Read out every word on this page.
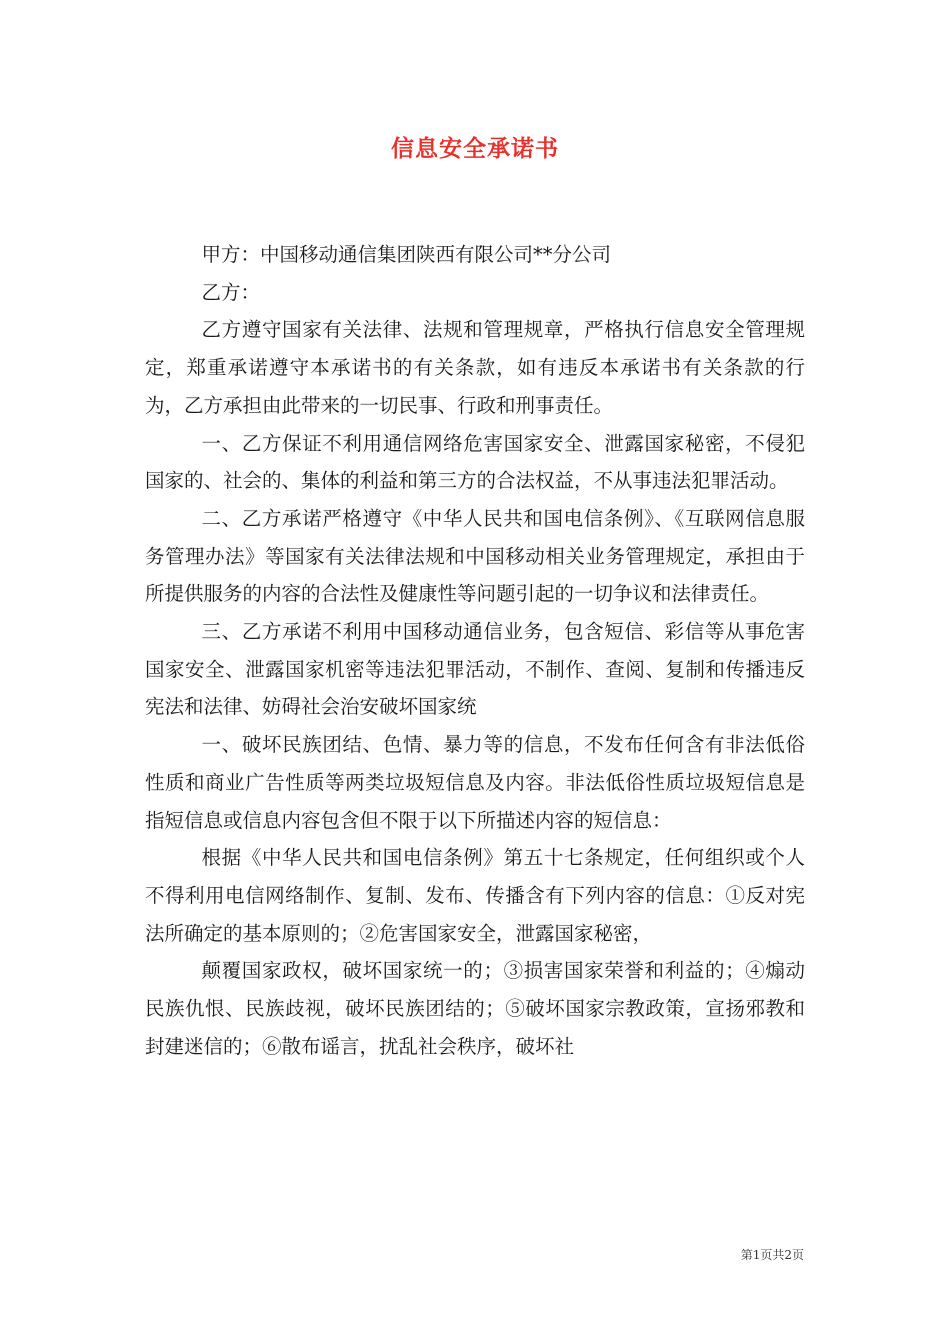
信息安全承诺书

甲方：中国移动通信集团陕西有限公司**分公司

乙方：

乙方遵守国家有关法律、法规和管理规章，严格执行信息安全管理规定，郑重承诺遵守本承诺书的有关条款，如有违反本承诺书有关条款的行为，乙方承担由此带来的一切民事、行政和刑事责任。

一、乙方保证不利用通信网络危害国家安全、泄露国家秘密，不侵犯国家的、社会的、集体的利益和第三方的合法权益，不从事违法犯罪活动。

二、乙方承诺严格遵守《中华人民共和国电信条例》、《互联网信息服务管理办法》等国家有关法律法规和中国移动相关业务管理规定，承担由于所提供服务的内容的合法性及健康性等问题引起的一切争议和法律责任。

三、乙方承诺不利用中国移动通信业务，包含短信、彩信等从事危害国家安全、泄露国家机密等违法犯罪活动，不制作、查阅、复制和传播违反宪法和法律、妨碍社会治安破坏国家统

一、破坏民族团结、色情、暴力等的信息，不发布任何含有非法低俗性质和商业广告性质等两类垃圾短信息及内容。非法低俗性质垃圾短信息是指短信息或信息内容包含但不限于以下所描述内容的短信息：

根据《中华人民共和国电信条例》第五十七条规定，任何组织或个人不得利用电信网络制作、复制、发布、传播含有下列内容的信息：①反对宪法所确定的基本原则的；②危害国家安全，泄露国家秘密，

颠覆国家政权，破坏国家统一的；③损害国家荣誉和利益的；④煽动民族仇恨、民族歧视，破坏民族团结的；⑤破坏国家宗教政策，宣扬邪教和封建迷信的；⑥散布谣言，扰乱社会秩序，破坏社

第1页共2页
